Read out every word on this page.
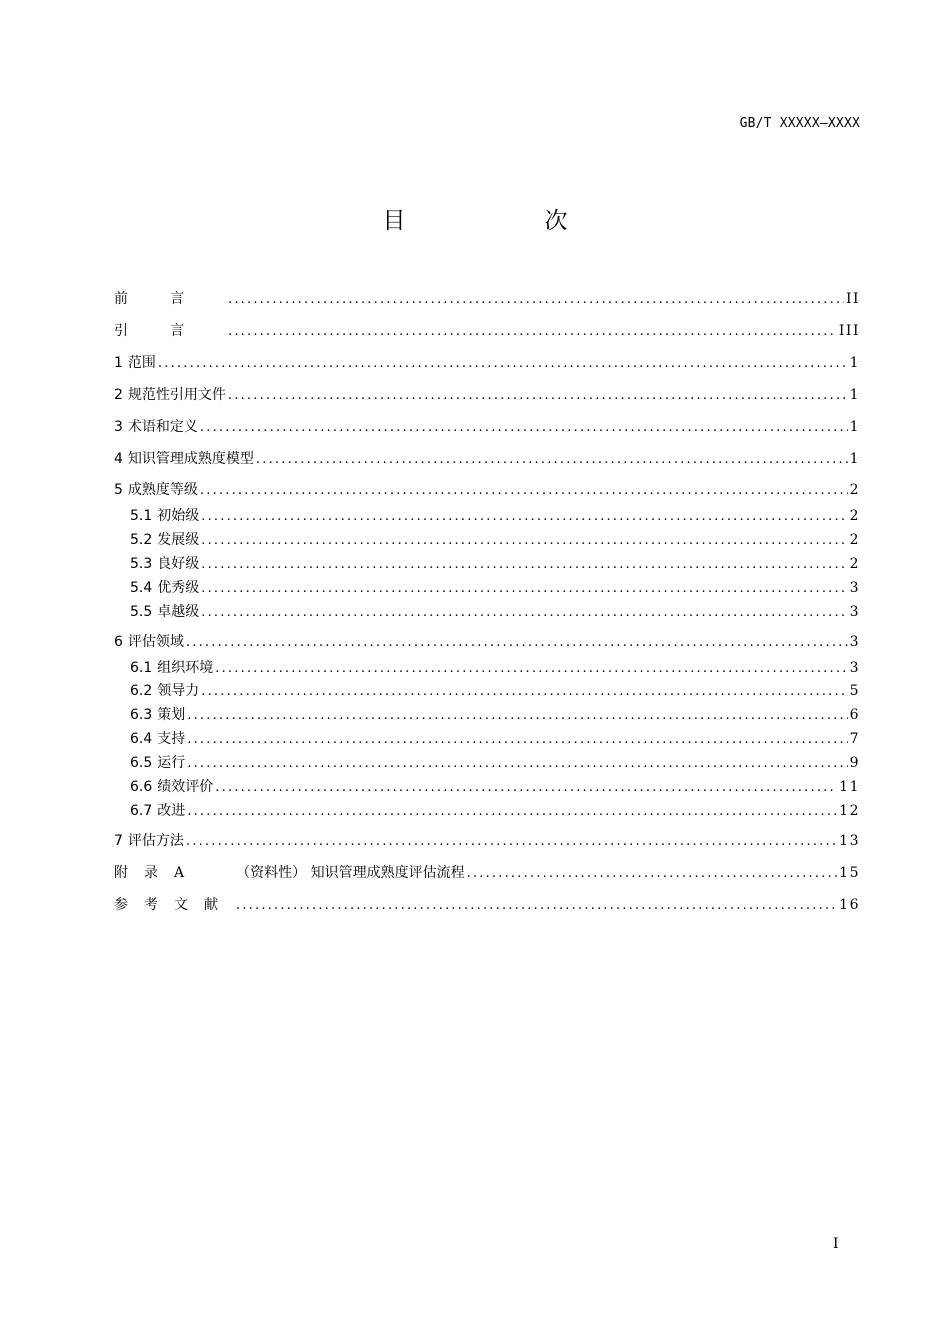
GB/T XXXXX—XXXX
目　次
前言 .....	II
引言 .....	III
1 范围 .....	1
2 规范性引用文件 .....	1
3 术语和定义 .....	1
4 知识管理成熟度模型 .....	1
5 成熟度等级 .....	2
5.1 初始级 .....	2
5.2 发展级 .....	2
5.3 良好级 .....	2
5.4 优秀级 .....	3
5.5 卓越级 .....	3
6 评估领域 .....	3
6.1 组织环境 .....	3
6.2 领导力 .....	5
6.3 策划 .....	6
6.4 支持 .....	7
6.5 运行 .....	9
6.6 绩效评价 .....	11
6.7 改进 .....	12
7 评估方法 .....	13
附录A	（资料性） 知识管理成熟度评估流程 .....	15
参考文献 .....	16
I
